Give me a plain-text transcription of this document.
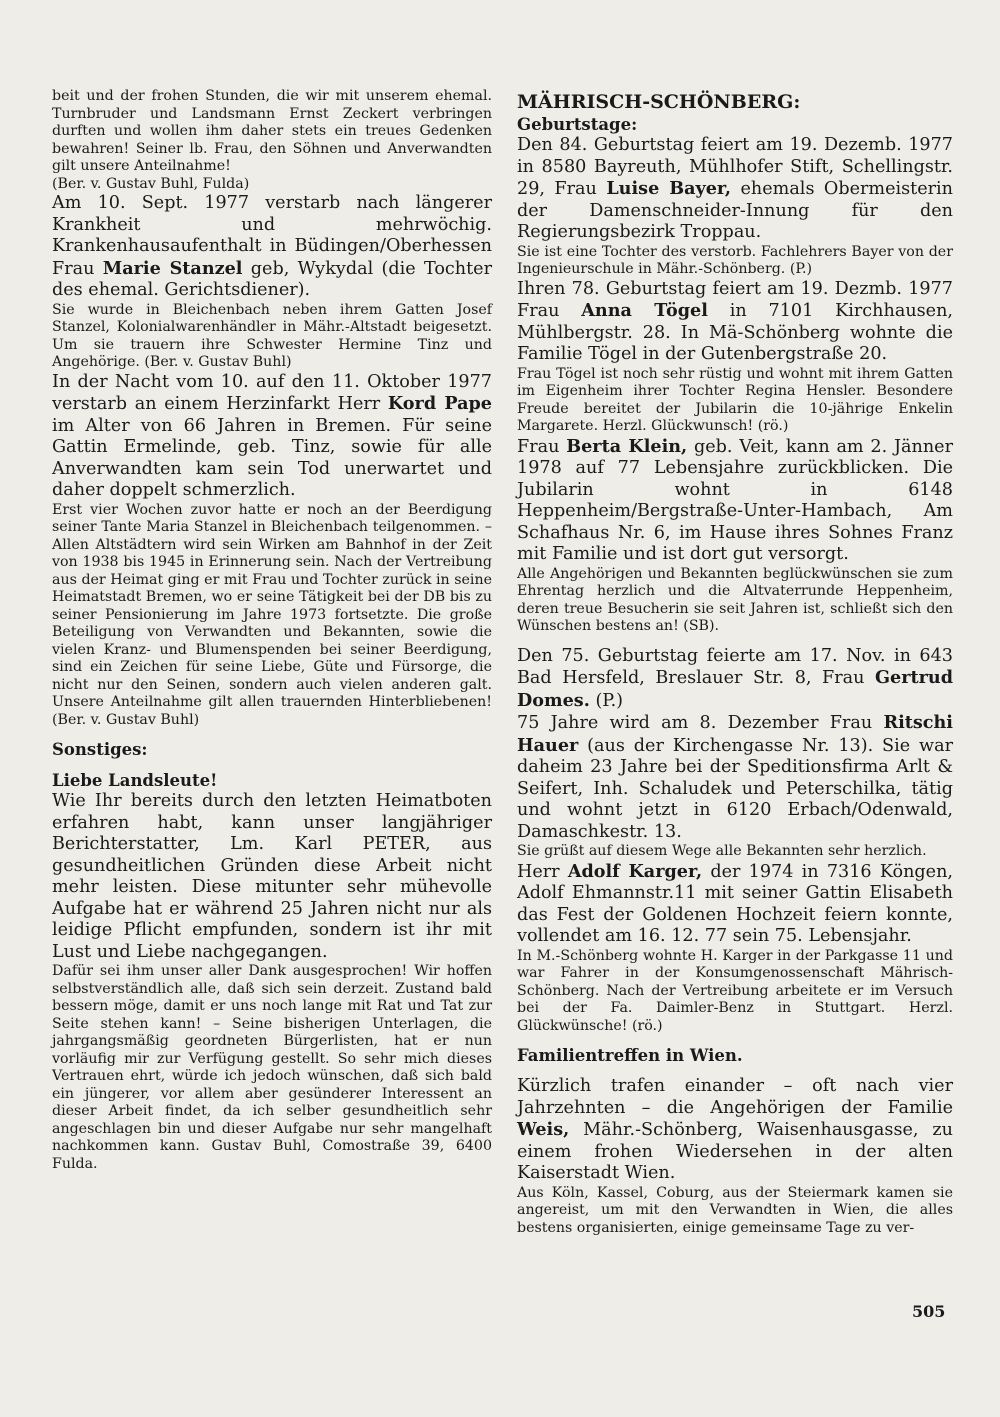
beit und der frohen Stunden, die wir mit unserem ehemal. Turnbruder und Landsmann Ernst Zeckert verbringen durften und wollen ihm daher stets ein treues Gedenken bewahren! Seiner lb. Frau, den Söhnen und Anverwandten gilt unsere Anteilnahme!

(Ber. v. Gustav Buhl, Fulda)

Am 10. Sept. 1977 verstarb nach längerer Krankheit und mehrwöchig. Krankenhausaufenthalt in Büdingen/Oberhessen Frau Marie Stanzel geb, Wykydal (die Tochter des ehemal. Gerichtsdiener).

Sie wurde in Bleichenbach neben ihrem Gatten Josef Stanzel, Kolonialwarenhändler in Mähr.-Altstadt beigesetzt. Um sie trauern ihre Schwester Hermine Tinz und Angehörige. (Ber. v. Gustav Buhl)

In der Nacht vom 10. auf den 11. Oktober 1977 verstarb an einem Herzinfarkt Herr Kord Pape im Alter von 66 Jahren in Bremen. Für seine Gattin Ermelinde, geb. Tinz, sowie für alle Anverwandten kam sein Tod unerwartet und daher doppelt schmerzlich.

Erst vier Wochen zuvor hatte er noch an der Beerdigung seiner Tante Maria Stanzel in Bleichenbach teilgenommen. – Allen Altstädtern wird sein Wirken am Bahnhof in der Zeit von 1938 bis 1945 in Erinnerung sein. Nach der Vertreibung aus der Heimat ging er mit Frau und Tochter zurück in seine Heimatstadt Bremen, wo er seine Tätigkeit bei der DB bis zu seiner Pensionierung im Jahre 1973 fortsetzte. Die große Beteiligung von Verwandten und Bekannten, sowie die vielen Kranz- und Blumenspenden bei seiner Beerdigung, sind ein Zeichen für seine Liebe, Güte und Fürsorge, die nicht nur den Seinen, sondern auch vielen anderen galt. Unsere Anteilnahme gilt allen trauernden Hinterbliebenen! (Ber. v. Gustav Buhl)

Sonstiges:
Liebe Landsleute!

Wie Ihr bereits durch den letzten Heimatboten erfahren habt, kann unser langjähriger Berichterstatter, Lm. Karl PETER, aus gesundheitlichen Gründen diese Arbeit nicht mehr leisten. Diese mitunter sehr mühevolle Aufgabe hat er während 25 Jahren nicht nur als leidige Pflicht empfunden, sondern ist ihr mit Lust und Liebe nachgegangen.

Dafür sei ihm unser aller Dank ausgesprochen! Wir hoffen selbstverständlich alle, daß sich sein derzeit. Zustand bald bessern möge, damit er uns noch lange mit Rat und Tat zur Seite stehen kann! – Seine bisherigen Unterlagen, die jahrgangsmäßig geordneten Bürgerlisten, hat er nun vorläufig mir zur Verfügung gestellt. So sehr mich dieses Vertrauen ehrt, würde ich jedoch wünschen, daß sich bald ein jüngerer, vor allem aber gesünderer Interessent an dieser Arbeit findet, da ich selber gesundheitlich sehr angeschlagen bin und dieser Aufgabe nur sehr mangelhaft nachkommen kann. Gustav Buhl, Comostraße 39, 6400 Fulda.

MÄHRISCH-SCHÖNBERG:
Geburtstage:

Den 84. Geburtstag feiert am 19. Dezemb. 1977 in 8580 Bayreuth, Mühlhofer Stift, Schellingstr. 29, Frau Luise Bayer, ehemals Obermeisterin der Damenschneider-Innung für den Regierungsbezirk Troppau.

Sie ist eine Tochter des verstorb. Fachlehrers Bayer von der Ingenieurschule in Mähr.-Schönberg. (P.)

Ihren 78. Geburtstag feiert am 19. Dezmb. 1977 Frau Anna Tögel in 7101 Kirchhausen, Mühlbergstr. 28. In Mä-Schönberg wohnte die Familie Tögel in der Gutenbergstraße 20.

Frau Tögel ist noch sehr rüstig und wohnt mit ihrem Gatten im Eigenheim ihrer Tochter Regina Hensler. Besondere Freude bereitet der Jubilarin die 10-jährige Enkelin Margarete. Herzl. Glückwunsch! (rö.)

Frau Berta Klein, geb. Veit, kann am 2. Jänner 1978 auf 77 Lebensjahre zurückblicken. Die Jubilarin wohnt in 6148 Heppenheim/Bergstraße-Unter-Hambach, Am Schafhaus Nr. 6, im Hause ihres Sohnes Franz mit Familie und ist dort gut versorgt.

Alle Angehörigen und Bekannten beglückwünschen sie zum Ehrentag herzlich und die Altvaterrunde Heppenheim, deren treue Besucherin sie seit Jahren ist, schließt sich den Wünschen bestens an! (SB).

Den 75. Geburtstag feierte am 17. Nov. in 643 Bad Hersfeld, Breslauer Str. 8, Frau Gertrud Domes. (P.)

75 Jahre wird am 8. Dezember Frau Ritschi Hauer (aus der Kirchengasse Nr. 13). Sie war daheim 23 Jahre bei der Speditionsfirma Arlt & Seifert, Inh. Schaludek und Peterschilka, tätig und wohnt jetzt in 6120 Erbach/Odenwald, Damaschkestr. 13.

Sie grüßt auf diesem Wege alle Bekannten sehr herzlich.

Herr Adolf Karger, der 1974 in 7316 Köngen, Adolf Ehmannstr.11 mit seiner Gattin Elisabeth das Fest der Goldenen Hochzeit feiern konnte, vollendet am 16. 12. 77 sein 75. Lebensjahr.

In M.-Schönberg wohnte H. Karger in der Parkgasse 11 und war Fahrer in der Konsumgenossenschaft Mährisch-Schönberg. Nach der Vertreibung arbeitete er im Versuch bei der Fa. Daimler-Benz in Stuttgart. Herzl. Glückwünsche! (rö.)

Familientreffen in Wien.

Kürzlich trafen einander – oft nach vier Jahrzehnten – die Angehörigen der Familie Weis, Mähr.-Schönberg, Waisenhausgasse, zu einem frohen Wiedersehen in der alten Kaiserstadt Wien.

Aus Köln, Kassel, Coburg, aus der Steiermark kamen sie angereist, um mit den Verwandten in Wien, die alles bestens organisierten, einige gemeinsame Tage zu ver-

505
